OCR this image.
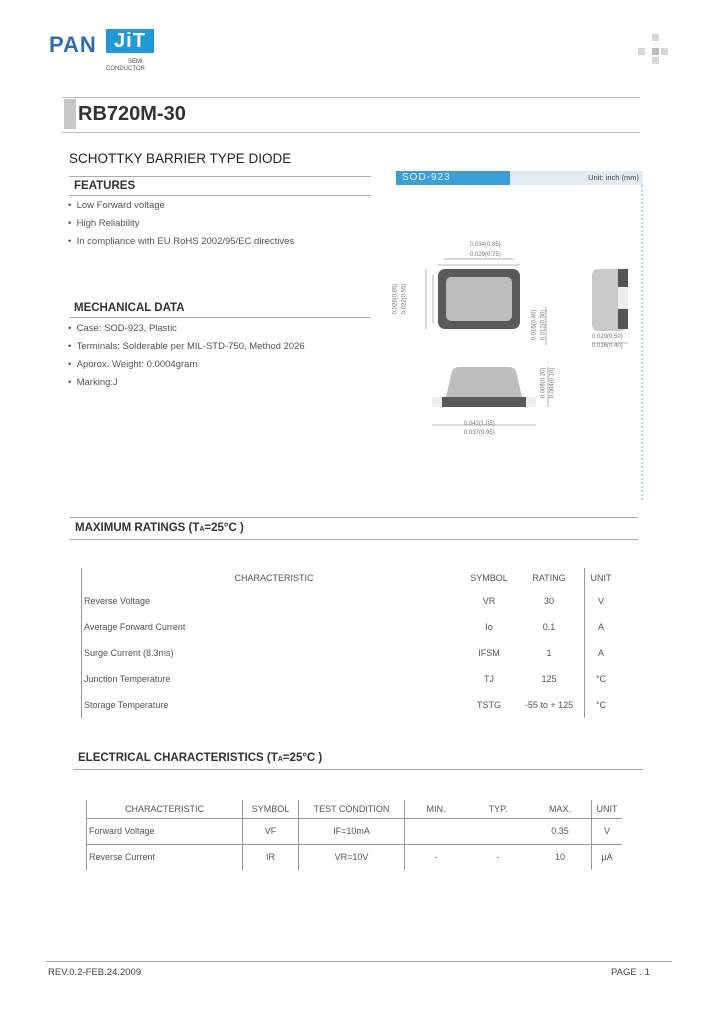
PAN JiT
SEMI
CONDUCTOR
RB720M-30
SCHOTTKY BARRIER TYPE DIODE
FEATURES
•  Low Forward voltage
•  High Reliability
•  In compliance with EU RoHS 2002/95/EC directives
MECHANICAL DATA
•  Case: SOD-923, Plastic
•  Terminals: Solderable per MIL-STD-750, Method 2026
•  Aporox. Weight: 0.0004gram
•  Marking:J
SOD-923	Unit: inch (mm)
0.034(0.85)
0.029(0.75)
0.026(0.65) 0.022(0.55)
0.016(0.40) 0.012(0.30)
0.008(0.20) 0.004(0.10)
0.020(0.50)
0.016(0.40)
0.042(1.05)
0.037(0.95)
MAXIMUM RATINGS (TA=25°C )
CHARACTERISTIC	SYMBOL	RATING	UNIT
Reverse Voltage	VR	30	V
Average Forward Current	Io	0.1	A
Surge Current (8.3ms)	IFSM	1	A
Junction Temperature	TJ	125	°C
Storage Temperature	TSTG	-55 to + 125	°C
ELECTRICAL CHARACTERISTICS (TA=25°C )
CHARACTERISTIC	SYMBOL	TEST CONDITION	MIN.	TYP.	MAX.	UNIT
Forward Voltage	VF	IF=10mA			0.35	V
Reverse Current	IR	VR=10V	-	-	10	μA
REV.0.2-FEB.24.2009	PAGE . 1
